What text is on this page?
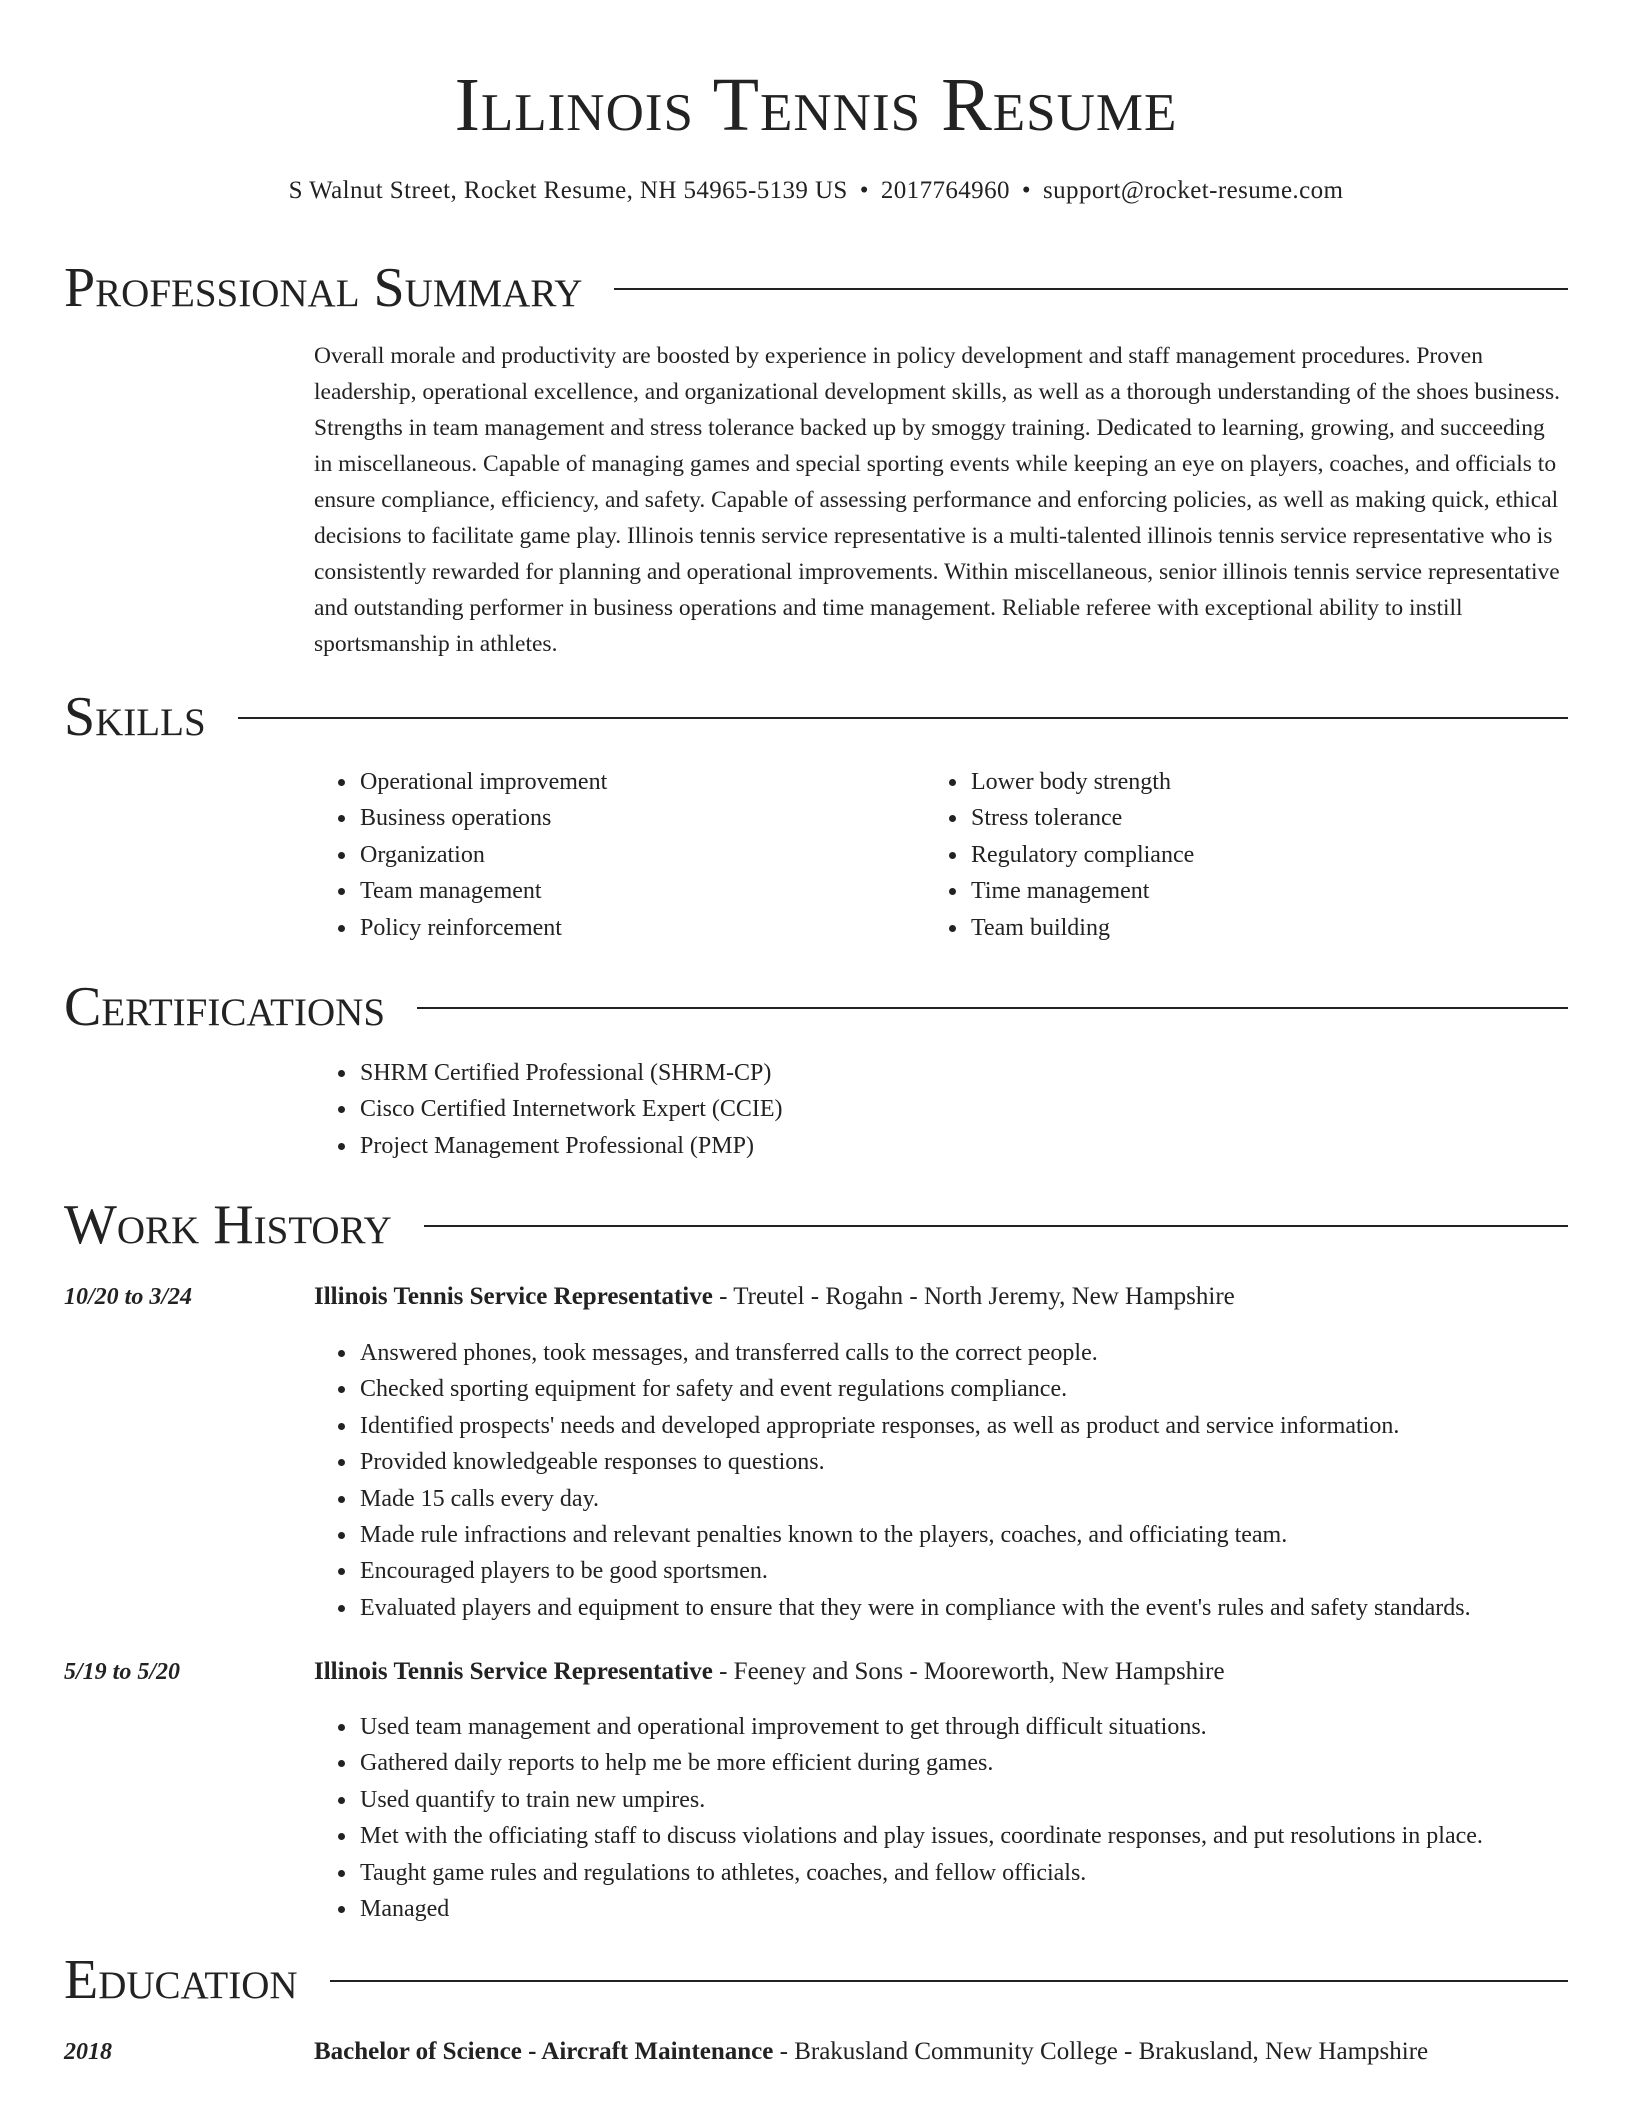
Illinois Tennis Resume
S Walnut Street, Rocket Resume, NH 54965-5139 US • 2017764960 • support@rocket-resume.com
Professional Summary

Overall morale and productivity are boosted by experience in policy development and staff management procedures. Proven leadership, operational excellence, and organizational development skills, as well as a thorough understanding of the shoes business. Strengths in team management and stress tolerance backed up by smoggy training. Dedicated to learning, growing, and succeeding in miscellaneous. Capable of managing games and special sporting events while keeping an eye on players, coaches, and officials to ensure compliance, efficiency, and safety. Capable of assessing performance and enforcing policies, as well as making quick, ethical decisions to facilitate game play. Illinois tennis service representative is a multi-talented illinois tennis service representative who is consistently rewarded for planning and operational improvements. Within miscellaneous, senior illinois tennis service representative and outstanding performer in business operations and time management. Reliable referee with exceptional ability to instill sportsmanship in athletes.

Skills
• Operational improvement
• Business operations
• Organization
• Team management
• Policy reinforcement
• Lower body strength
• Stress tolerance
• Regulatory compliance
• Time management
• Team building
Certifications
• SHRM Certified Professional (SHRM-CP)
• Cisco Certified Internetwork Expert (CCIE)
• Project Management Professional (PMP)
Work History
10/20 to 3/24	Illinois Tennis Service Representative - Treutel - Rogahn - North Jeremy, New Hampshire
• Answered phones, took messages, and transferred calls to the correct people.
• Checked sporting equipment for safety and event regulations compliance.
• Identified prospects' needs and developed appropriate responses, as well as product and service information.
• Provided knowledgeable responses to questions.
• Made 15 calls every day.
• Made rule infractions and relevant penalties known to the players, coaches, and officiating team.
• Encouraged players to be good sportsmen.
• Evaluated players and equipment to ensure that they were in compliance with the event's rules and safety standards.
5/19 to 5/20	Illinois Tennis Service Representative - Feeney and Sons - Mooreworth, New Hampshire
• Used team management and operational improvement to get through difficult situations.
• Gathered daily reports to help me be more efficient during games.
• Used quantify to train new umpires.
• Met with the officiating staff to discuss violations and play issues, coordinate responses, and put resolutions in place.
• Taught game rules and regulations to athletes, coaches, and fellow officials.
• Managed
Education
2018	Bachelor of Science - Aircraft Maintenance - Brakusland Community College - Brakusland, New Hampshire
